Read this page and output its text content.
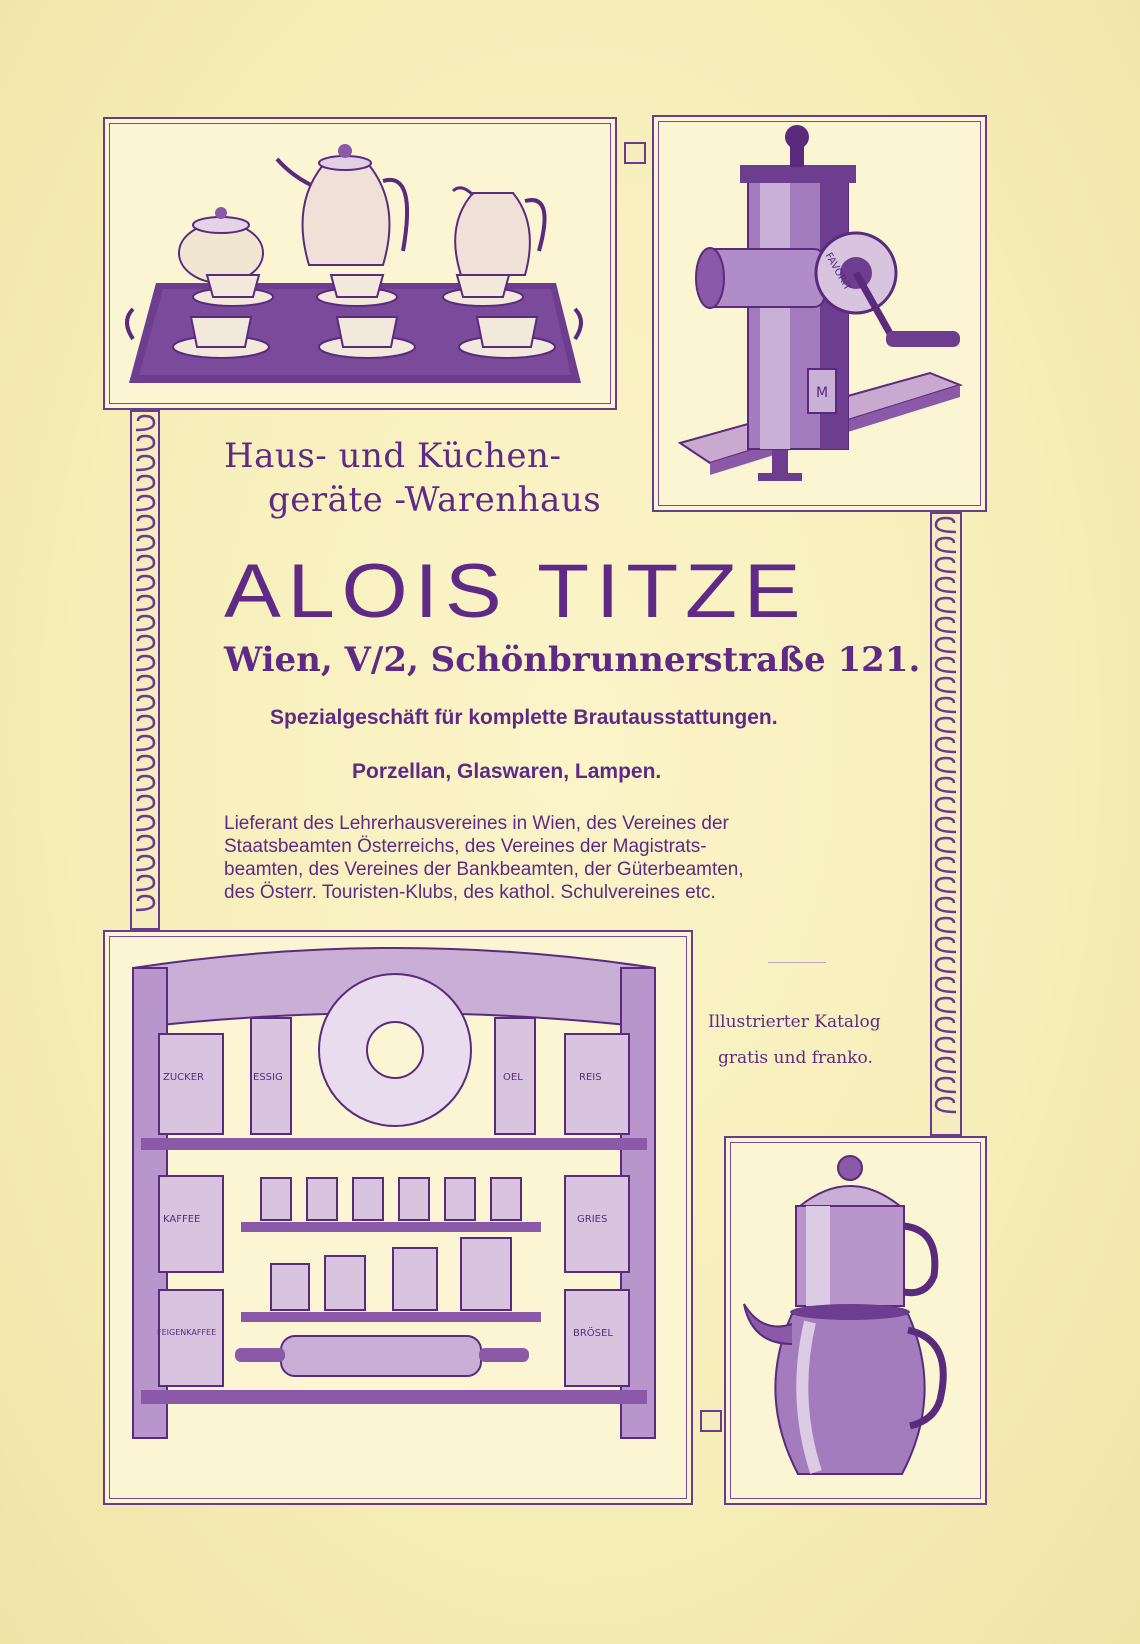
M
FAVORIT
Haus- und Küchen-
geräte -Warenhaus
ALOIS TITZE
Wien, V/2, Schönbrunnerstraße 121.
Spezialgeschäft für komplette Brautausstattungen.
Porzellan, Glaswaren, Lampen.
Lieferant des Lehrerhausvereines in Wien, des Vereines der
Staatsbeamten Österreichs, des Vereines der Magistrats-
beamten, des Vereines der Bankbeamten, der Güterbeamten,
des Österr. Touristen-Klubs, des kathol. Schulvereines etc.
Illustrierter Katalog
gratis und franko.
ZUCKER	ESSIG	OEL	REIS
KAFFEE	GRIES
FEIGENKAFFEE	BRÖSEL
